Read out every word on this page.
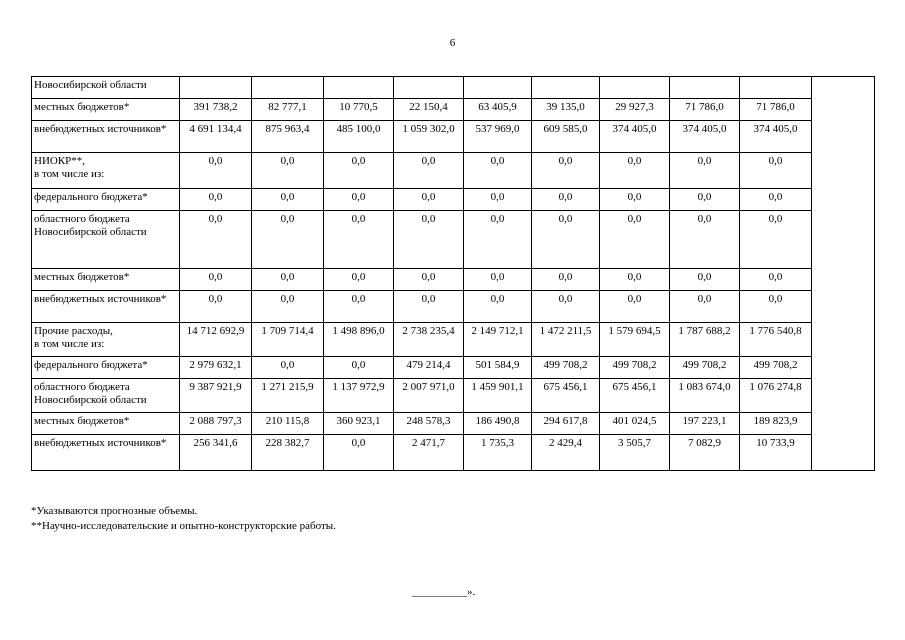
6
Новосибирской области										
местных бюджетов*	391 738,2	82 777,1	10 770,5	22 150,4	63 405,9	39 135,0	29 927,3	71 786,0	71 786,0	
внебюджетных источников*	4 691 134,4	875 963,4	485 100,0	1 059 302,0	537 969,0	609 585,0	374 405,0	374 405,0	374 405,0	
НИОКР**,
в том числе из:	0,0	0,0	0,0	0,0	0,0	0,0	0,0	0,0	0,0	
федерального бюджета*	0,0	0,0	0,0	0,0	0,0	0,0	0,0	0,0	0,0	
областного бюджета Новосибирской области	0,0	0,0	0,0	0,0	0,0	0,0	0,0	0,0	0,0	
местных бюджетов*	0,0	0,0	0,0	0,0	0,0	0,0	0,0	0,0	0,0	
внебюджетных источников*	0,0	0,0	0,0	0,0	0,0	0,0	0,0	0,0	0,0	
Прочие расходы,
в том числе из:	14 712 692,9	1 709 714,4	1 498 896,0	2 738 235,4	2 149 712,1	1 472 211,5	1 579 694,5	1 787 688,2	1 776 540,8	
федерального бюджета*	2 979 632,1	0,0	0,0	479 214,4	501 584,9	499 708,2	499 708,2	499 708,2	499 708,2	
областного бюджета Новосибирской области	9 387 921,9	1 271 215,9	1 137 972,9	2 007 971,0	1 459 901,1	675 456,1	675 456,1	1 083 674,0	1 076 274,8	
местных бюджетов*	2 088 797,3	210 115,8	360 923,1	248 578,3	186 490,8	294 617,8	401 024,5	197 223,1	189 823,9	
внебюджетных источников*	256 341,6	228 382,7	0,0	2 471,7	1 735,3	2 429,4	3 505,7	7 082,9	10 733,9	
*Указываются прогнозные объемы.
**Научно-исследовательские и опытно-конструкторские работы.
__________».
